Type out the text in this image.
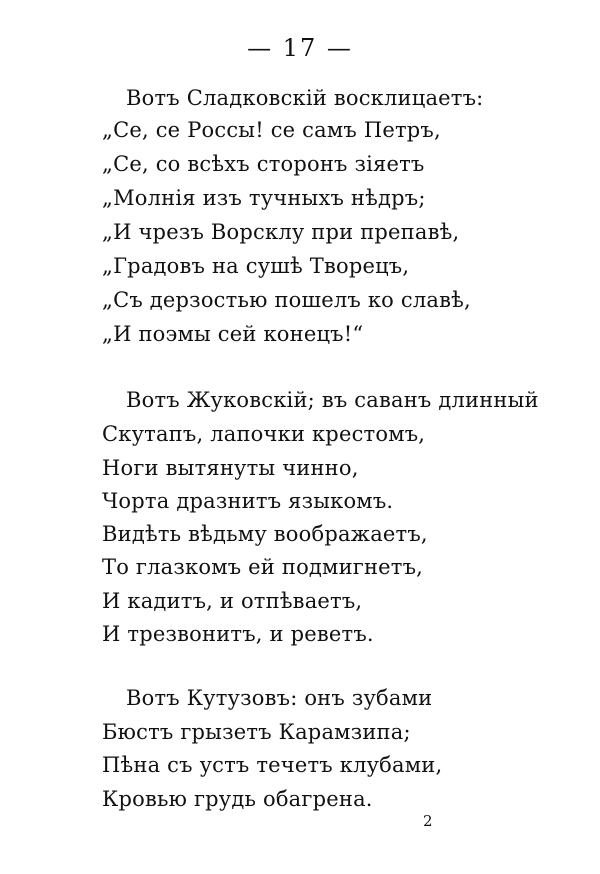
— 17 —
Вотъ Сладковскій восклицаетъ:
„Се, се Россы! се самъ Петръ,
„Се, со всѣхъ сторонъ зіяетъ
„Молнія изъ тучныхъ нѣдръ;
„И чрезъ Ворсклу при препавѣ,
„Градовъ на сушѣ Творецъ,
„Съ дерзостью пошелъ ко славѣ,
„И поэмы сей конецъ!“
Вотъ Жуковскій; въ саванъ длинный
Скутапъ, лапочки крестомъ,
Ноги вытянуты чинно,
Чорта дразнитъ языкомъ.
Видѣть вѣдьму воображаетъ,
То глазкомъ ей подмигнетъ,
И кадитъ, и отпѣваетъ,
И трезвонитъ, и реветъ.
Вотъ Кутузовъ: онъ зубами
Бюстъ грызетъ Карамзипа;
Пѣна съ устъ течетъ клубами,
Кровью грудь обагрена.
2
